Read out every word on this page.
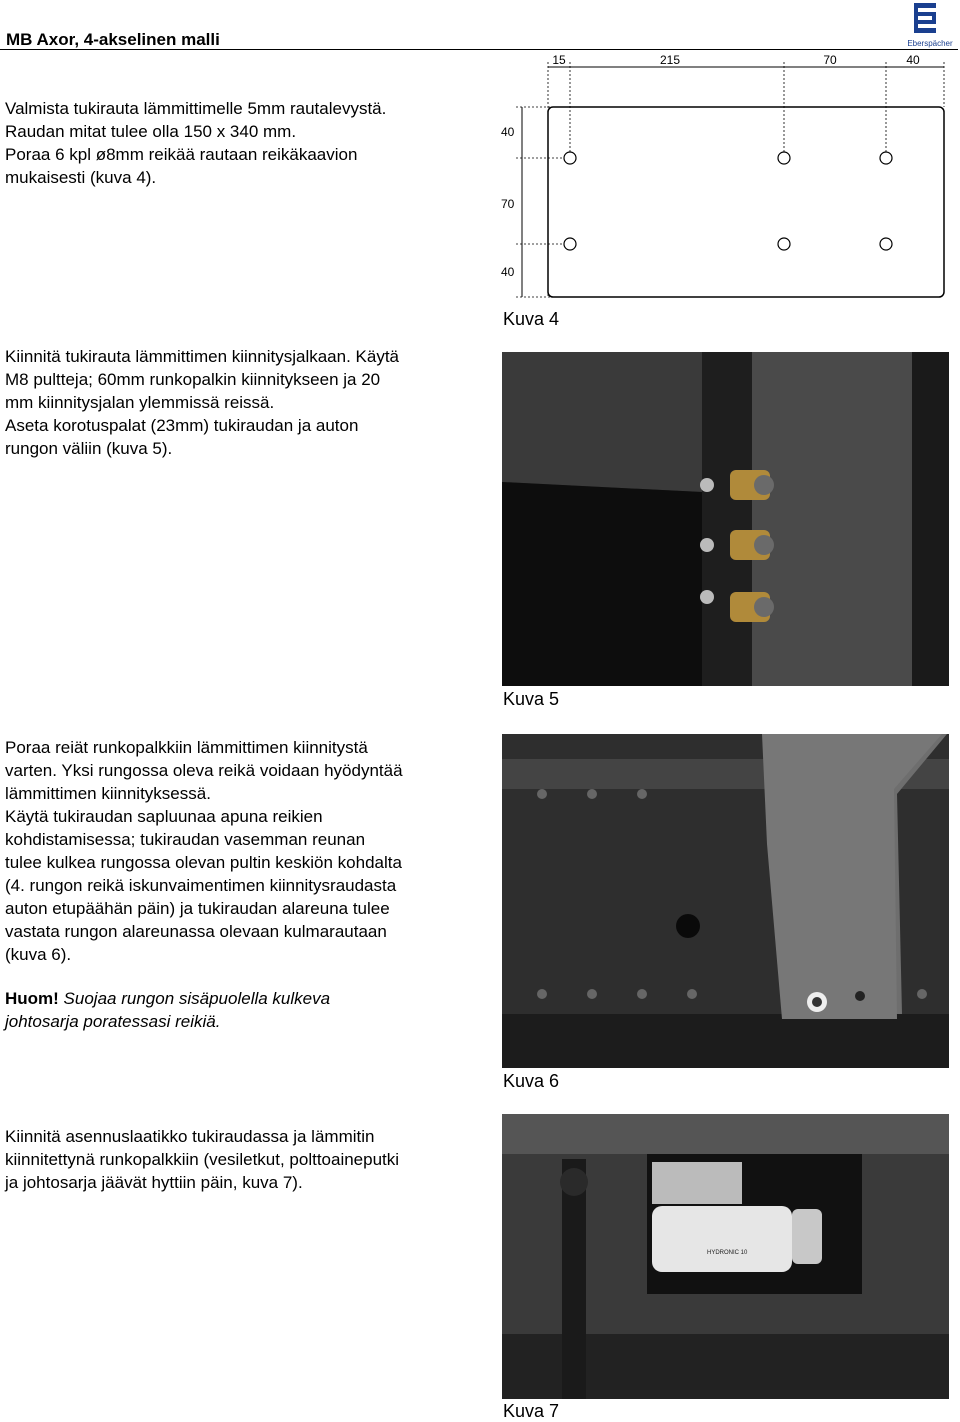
MB Axor, 4-akselinen malli	Eberspächer

Valmista tukirauta lämmittimelle 5mm rautalevystä.

Raudan mitat tulee olla 150 x 340 mm.

Poraa 6 kpl ø8mm reikää rautaan reikäkaavion

mukaisesti (kuva 4).

15	215	70	40
40
70
40
Kuva 4

Kiinnitä tukirauta lämmittimen kiinnitysjalkaan. Käytä

M8 pultteja; 60mm runkopalkin kiinnitykseen ja 20

mm kiinnitysjalan ylemmissä reissä.

Aseta korotuspalat (23mm) tukiraudan ja auton

rungon väliin (kuva 5).

Kuva 5

Poraa reiät runkopalkkiin lämmittimen kiinnitystä

varten. Yksi rungossa oleva reikä voidaan hyödyntää

lämmittimen kiinnityksessä.

Käytä tukiraudan sapluunaa apuna reikien

kohdistamisessa; tukiraudan vasemman reunan

tulee kulkea rungossa olevan pultin keskiön kohdalta

(4. rungon reikä iskunvaimentimen kiinnitysraudasta

auton etupäähän päin) ja tukiraudan alareuna tulee

vastata rungon alareunassa olevaan kulmarautaan

(kuva 6).

Huom! Suojaa rungon sisäpuolella kulkeva

johtosarja poratessasi reikiä.

Kuva 6

Kiinnitä asennuslaatikko tukiraudassa ja lämmitin

kiinnitettynä runkopalkkiin (vesiletkut, polttoaineputki

ja johtosarja jäävät hyttiin päin, kuva 7).

HYDRONIC 10
Kuva 7
